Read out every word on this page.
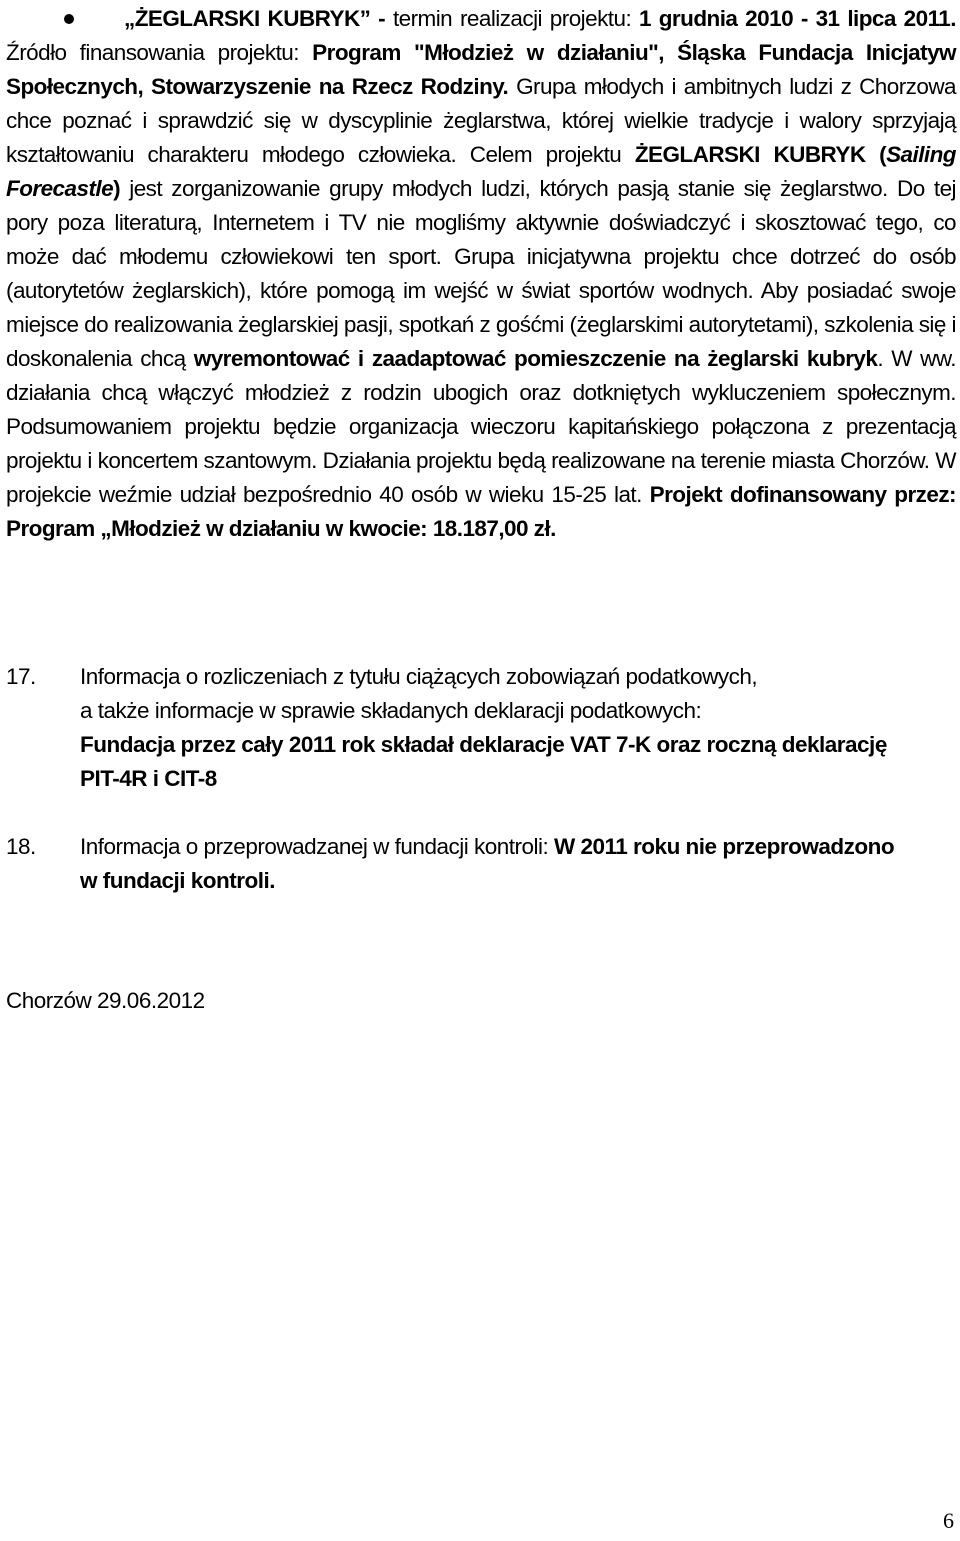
„ŻEGLARSKI KUBRYK” - termin realizacji projektu: 1 grudnia 2010 - 31 lipca 2011. Źródło finansowania projektu: Program "Młodzież w działaniu", Śląska Fundacja Inicjatyw Społecznych, Stowarzyszenie na Rzecz Rodziny. Grupa młodych i ambitnych ludzi z Chorzowa chce poznać i sprawdzić się w dyscyplinie żeglarstwa, której wielkie tradycje i walory sprzyjają kształtowaniu charakteru młodego człowieka. Celem projektu ŻEGLARSKI KUBRYK (Sailing Forecastle) jest zorganizowanie grupy młodych ludzi, których pasją stanie się żeglarstwo. Do tej pory poza literaturą, Internetem i TV nie mogliśmy aktywnie doświadczyć i skosztować tego, co może dać młodemu człowiekowi ten sport. Grupa inicjatywna projektu chce dotrzeć do osób (autorytetów żeglarskich), które pomogą im wejść w świat sportów wodnych. Aby posiadać swoje miejsce do realizowania żeglarskiej pasji, spotkań z gośćmi (żeglarskimi autorytetami), szkolenia się i doskonalenia chcą wyremontować i zaadaptować pomieszczenie na żeglarski kubryk. W ww. działania chcą włączyć młodzież z rodzin ubogich oraz dotkniętych wykluczeniem społecznym. Podsumowaniem projektu będzie organizacja wieczoru kapitańskiego połączona z prezentacją projektu i koncertem szantowym. Działania projektu będą realizowane na terenie miasta Chorzów. W projekcie weźmie udział bezpośrednio 40 osób w wieku 15-25 lat. Projekt dofinansowany przez: Program „Młodzież w działaniu w kwocie: 18.187,00 zł.

17. Informacja o rozliczeniach z tytułu ciążących zobowiązań podatkowych,
a także informacje w sprawie składanych deklaracji podatkowych:
Fundacja przez cały 2011 rok składał deklaracje VAT 7-K oraz roczną deklarację PIT-4R i CIT-8
18. Informacja o przeprowadzanej w fundacji kontroli: W 2011 roku nie przeprowadzono w fundacji kontroli.
Chorzów 29.06.2012
6
